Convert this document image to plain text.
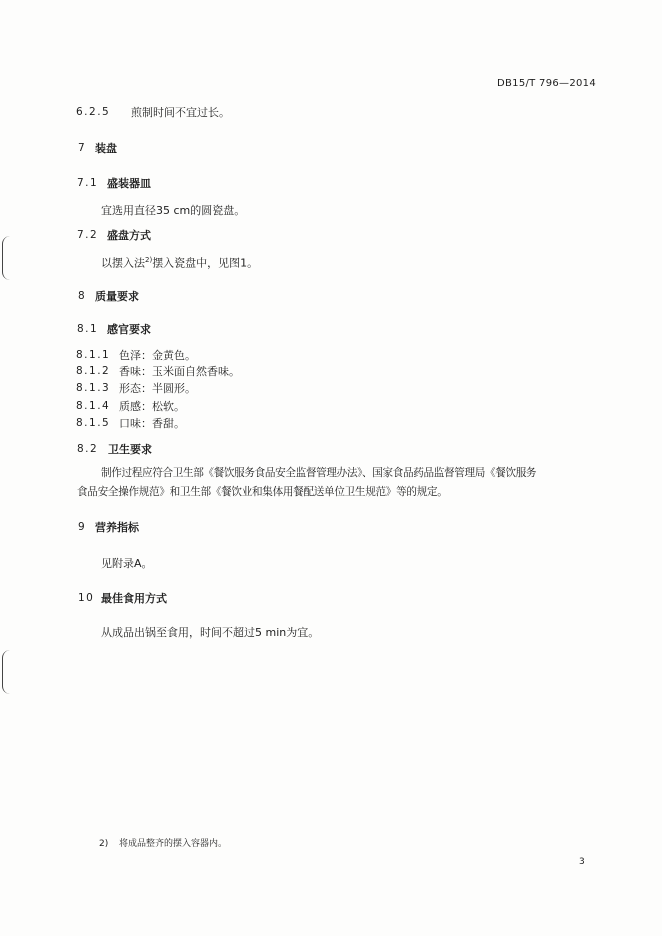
DB15/T 796—2014
6.2.5 煎制时间不宜过长。
7 装盘
7.1 盛装器皿
宜选用直径35 cm的圆瓷盘。
7.2 盛盘方式
以摆入法$^{2)}$摆入瓷盘中，见图1。
8 质量要求
8.1 感官要求
8.1.1 色泽：金黄色。
8.1.2 香味：玉米面自然香味。
8.1.3 形态：半圆形。
8.1.4 质感：松软。
8.1.5 口味：香甜。
8.2 卫生要求
制作过程应符合卫生部《餐饮服务食品安全监督管理办法》、国家食品药品监督管理局《餐饮服务
食品安全操作规范》和卫生部《餐饮业和集体用餐配送单位卫生规范》等的规定。
9 营养指标
见附录A。
10 最佳食用方式
从成品出锅至食用，时间不超过5 min为宜。
2) 将成品整齐的摆入容器内。
3
